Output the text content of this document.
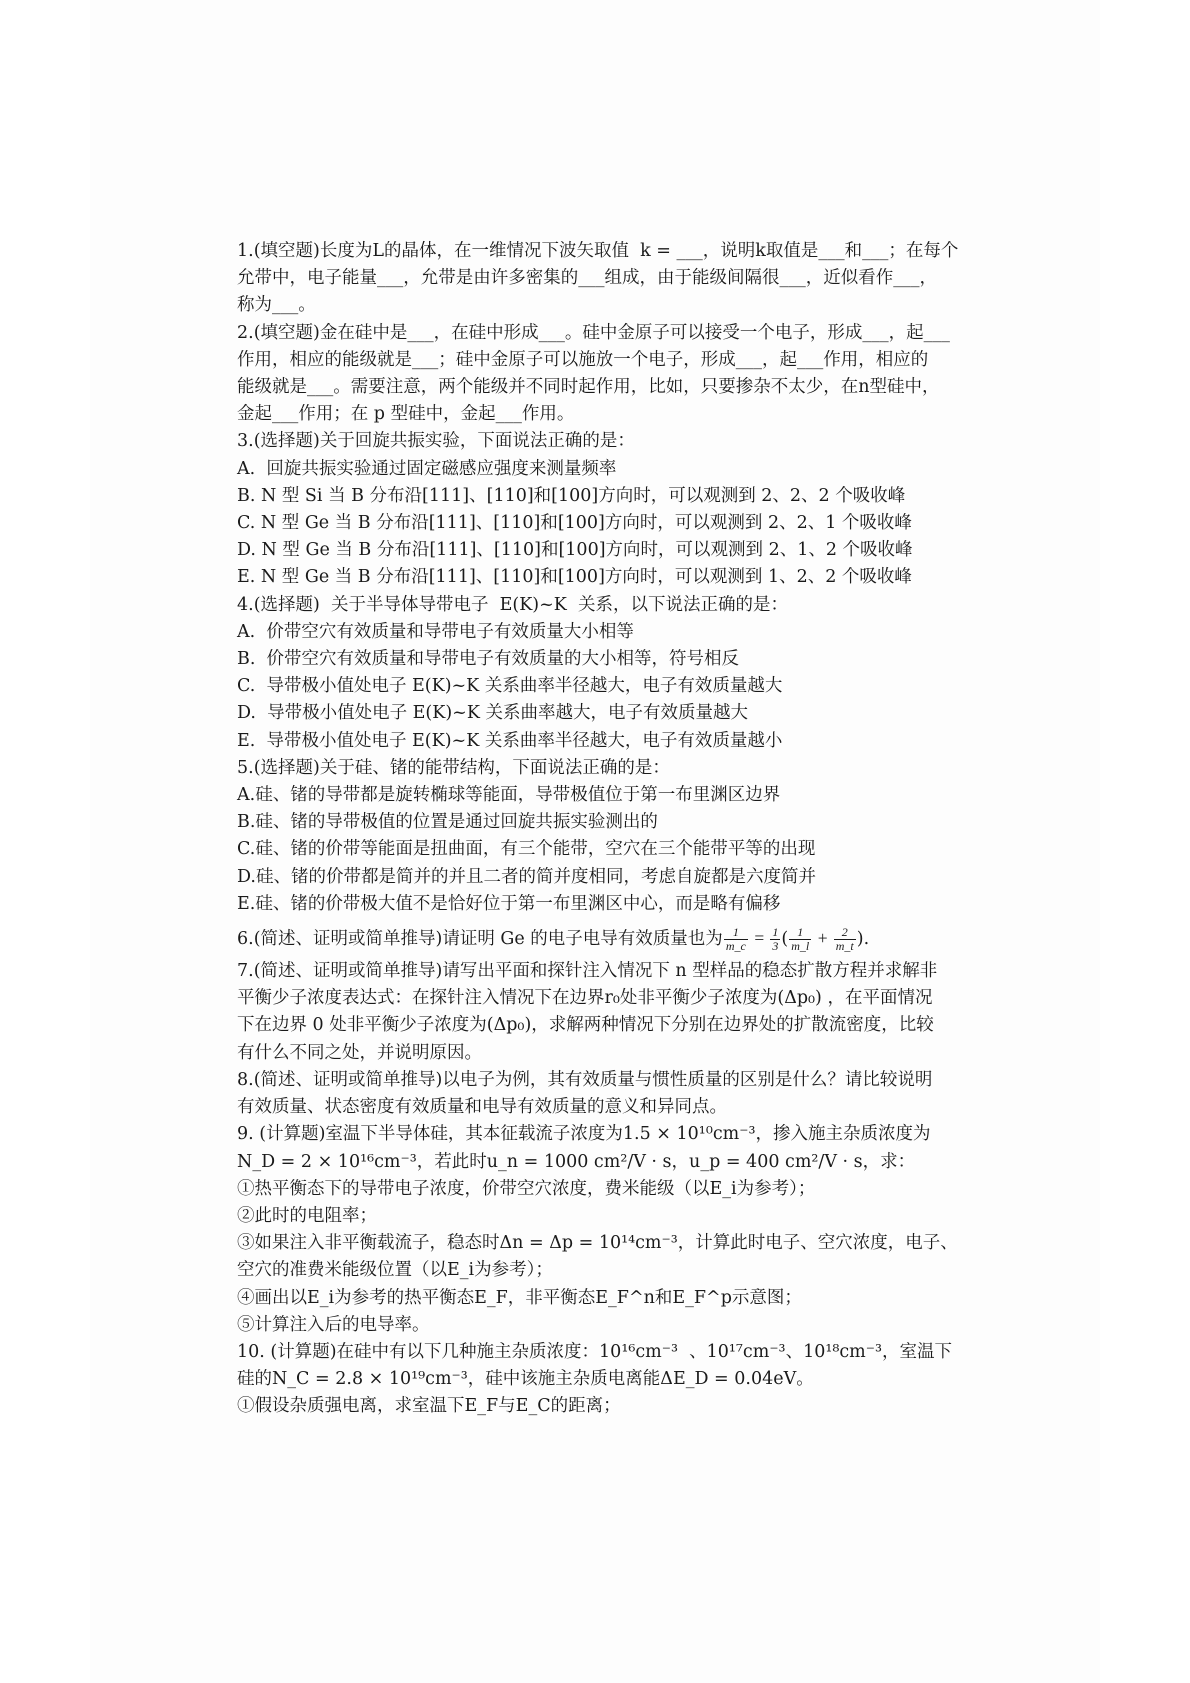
1.(填空题)长度为L的晶体，在一维情况下波矢取值  k = ___，说明k取值是___和___；在每个
允带中，电子能量___，允带是由许多密集的___组成，由于能级间隔很___，近似看作___，
称为___。
2.(填空题)金在硅中是___，在硅中形成___。硅中金原子可以接受一个电子，形成___，起___
作用，相应的能级就是___；硅中金原子可以施放一个电子，形成___，起___作用，相应的
能级就是___。需要注意，两个能级并不同时起作用，比如，只要掺杂不太少，在n型硅中，
金起___作用；在 p 型硅中，金起___作用。
3.(选择题)关于回旋共振实验，下面说法正确的是：
A.  回旋共振实验通过固定磁感应强度来测量频率
B. N 型 Si 当 B 分布沿[111]、[110]和[100]方向时，可以观测到 2、2、2 个吸收峰
C. N 型 Ge 当 B 分布沿[111]、[110]和[100]方向时，可以观测到 2、2、1 个吸收峰
D. N 型 Ge 当 B 分布沿[111]、[110]和[100]方向时，可以观测到 2、1、2 个吸收峰
E. N 型 Ge 当 B 分布沿[111]、[110]和[100]方向时，可以观测到 1、2、2 个吸收峰
4.(选择题)  关于半导体导带电子  E(K)~K  关系，以下说法正确的是：
A.  价带空穴有效质量和导带电子有效质量大小相等
B.  价带空穴有效质量和导带电子有效质量的大小相等，符号相反
C.  导带极小值处电子 E(K)~K 关系曲率半径越大，电子有效质量越大
D.  导带极小值处电子 E(K)~K 关系曲率越大，电子有效质量越大
E.  导带极小值处电子 E(K)~K 关系曲率半径越大，电子有效质量越小
5.(选择题)关于硅、锗的能带结构，下面说法正确的是：
A.硅、锗的导带都是旋转椭球等能面，导带极值位于第一布里渊区边界
B.硅、锗的导带极值的位置是通过回旋共振实验测出的
C.硅、锗的价带等能面是扭曲面，有三个能带，空穴在三个能带平等的出现
D.硅、锗的价带都是简并的并且二者的简并度相同，考虑自旋都是六度简并
E.硅、锗的价带极大值不是恰好位于第一布里渊区中心，而是略有偏移
6.(简述、证明或简单推导)请证明 Ge 的电子电导有效质量也为 $\frac{1}{m\_c} = \frac{1}{3}$ ( $\frac{1}{m\_l} + \frac{2}{m\_t}$ ).
7.(简述、证明或简单推导)请写出平面和探针注入情况下 n 型样品的稳态扩散方程并求解非
平衡少子浓度表达式：在探针注入情况下在边界r₀处非平衡少子浓度为(Δp₀) ，在平面情况
下在边界 0 处非平衡少子浓度为(Δp₀)，求解两种情况下分别在边界处的扩散流密度，比较
有什么不同之处，并说明原因。
8.(简述、证明或简单推导)以电子为例，其有效质量与惯性质量的区别是什么？请比较说明
有效质量、状态密度有效质量和电导有效质量的意义和异同点。
9. (计算题)室温下半导体硅，其本征载流子浓度为1.5 × 10¹⁰cm⁻³，掺入施主杂质浓度为
N_D = 2 × 10¹⁶cm⁻³，若此时u_n = 1000 cm²/V · s，u_p = 400 cm²/V · s，求：
①热平衡态下的导带电子浓度，价带空穴浓度，费米能级（以E_i为参考）；
②此时的电阻率；
③如果注入非平衡载流子，稳态时Δn = Δp = 10¹⁴cm⁻³，计算此时电子、空穴浓度，电子、
空穴的准费米能级位置（以E_i为参考）；
④画出以E_i为参考的热平衡态E_F，非平衡态E_F^n和E_F^p示意图；
⑤计算注入后的电导率。
10. (计算题)在硅中有以下几种施主杂质浓度：10¹⁶cm⁻³  、10¹⁷cm⁻³、10¹⁸cm⁻³，室温下
硅的N_C = 2.8 × 10¹⁹cm⁻³，硅中该施主杂质电离能ΔE_D = 0.04eV。
①假设杂质强电离，求室温下E_F与E_C的距离；
